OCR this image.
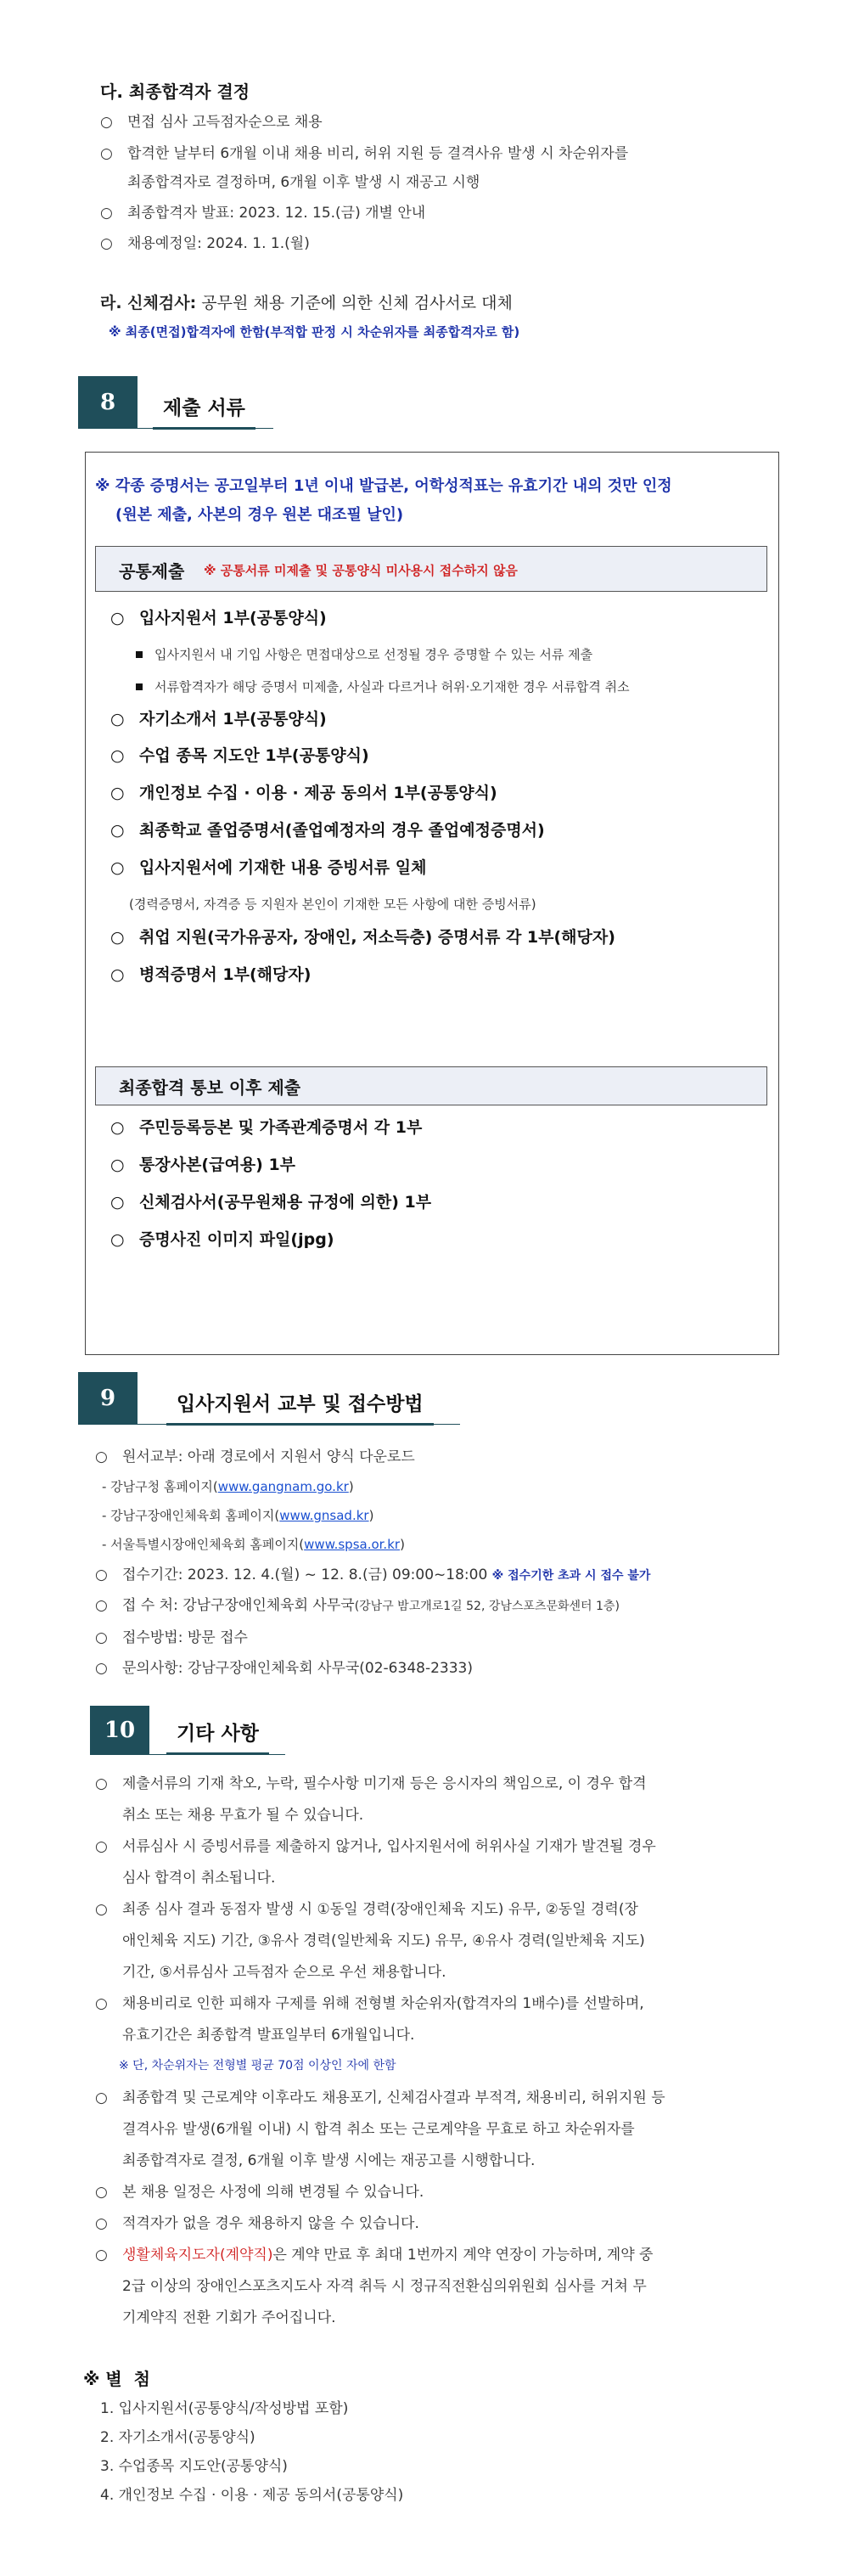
다. 최종합격자 결정
○ 면접 심사 고득점자순으로 채용
○ 합격한 날부터 6개월 이내 채용 비리, 허위 지원 등 결격사유 발생 시 차순위자를
최종합격자로 결정하며, 6개월 이후 발생 시 재공고 시행
○ 최종합격자 발표: 2023. 12. 15.(금) 개별 안내
○ 채용예정일: 2024. 1. 1.(월)
라. 신체검사: 공무원 채용 기준에 의한 신체 검사서로 대체
※ 최종(면접)합격자에 한함(부적합 판정 시 차순위자를 최종합격자로 함)
8	제출 서류
※ 각종 증명서는 공고일부터 1년 이내 발급본, 어학성적표는 유효기간 내의 것만 인정
(원본 제출, 사본의 경우 원본 대조필 날인)
공통제출 ※ 공통서류 미제출 및 공통양식 미사용시 접수하지 않음
○ 입사지원서 1부(공통양식)
입사지원서 내 기입 사항은 면접대상으로 선정될 경우 증명할 수 있는 서류 제출
서류합격자가 해당 증명서 미제출, 사실과 다르거나 허위·오기재한 경우 서류합격 취소
○ 자기소개서 1부(공통양식)
○ 수업 종목 지도안 1부(공통양식)
○ 개인정보 수집 · 이용 · 제공 동의서 1부(공통양식)
○ 최종학교 졸업증명서(졸업예정자의 경우 졸업예정증명서)
○ 입사지원서에 기재한 내용 증빙서류 일체
(경력증명서, 자격증 등 지원자 본인이 기재한 모든 사항에 대한 증빙서류)
○ 취업 지원(국가유공자, 장애인, 저소득층) 증명서류 각 1부(해당자)
○ 병적증명서 1부(해당자)
최종합격 통보 이후 제출
○ 주민등록등본 및 가족관계증명서 각 1부
○ 통장사본(급여용) 1부
○ 신체검사서(공무원채용 규정에 의한) 1부
○ 증명사진 이미지 파일(jpg)
9	입사지원서 교부 및 접수방법
○ 원서교부: 아래 경로에서 지원서 양식 다운로드
- 강남구청 홈페이지(www.gangnam.go.kr)
- 강남구장애인체육회 홈페이지(www.gnsad.kr)
- 서울특별시장애인체육회 홈페이지(www.spsa.or.kr)
○ 접수기간: 2023. 12. 4.(월) ~ 12. 8.(금) 09:00~18:00 ※ 접수기한 초과 시 접수 불가
○ 접 수 처: 강남구장애인체육회 사무국(강남구 밤고개로1길 52, 강남스포츠문화센터 1층)
○ 접수방법: 방문 접수
○ 문의사항: 강남구장애인체육회 사무국(02-6348-2333)
10	기타 사항
○ 제출서류의 기재 착오, 누락, 필수사항 미기재 등은 응시자의 책임으로, 이 경우 합격
취소 또는 채용 무효가 될 수 있습니다.
○ 서류심사 시 증빙서류를 제출하지 않거나, 입사지원서에 허위사실 기재가 발견될 경우
심사 합격이 취소됩니다.
○ 최종 심사 결과 동점자 발생 시 ①동일 경력(장애인체육 지도) 유무, ②동일 경력(장
애인체육 지도) 기간, ③유사 경력(일반체육 지도) 유무, ④유사 경력(일반체육 지도)
기간, ⑤서류심사 고득점자 순으로 우선 채용합니다.
○ 채용비리로 인한 피해자 구제를 위해 전형별 차순위자(합격자의 1배수)를 선발하며,
유효기간은 최종합격 발표일부터 6개월입니다.
※ 단, 차순위자는 전형별 평균 70점 이상인 자에 한함
○ 최종합격 및 근로계약 이후라도 채용포기, 신체검사결과 부적격, 채용비리, 허위지원 등
결격사유 발생(6개월 이내) 시 합격 취소 또는 근로계약을 무효로 하고 차순위자를
최종합격자로 결정, 6개월 이후 발생 시에는 재공고를 시행합니다.
○ 본 채용 일정은 사정에 의해 변경될 수 있습니다.
○ 적격자가 없을 경우 채용하지 않을 수 있습니다.
○ 생활체육지도자(계약직)은 계약 만료 후 최대 1번까지 계약 연장이 가능하며, 계약 중
2급 이상의 장애인스포츠지도사 자격 취득 시 정규직전환심의위원회 심사를 거쳐 무
기계약직 전환 기회가 주어집니다.
※ 별  첨
1. 입사지원서(공통양식/작성방법 포함)
2. 자기소개서(공통양식)
3. 수업종목 지도안(공통양식)
4. 개인정보 수집 · 이용 · 제공 동의서(공통양식)
